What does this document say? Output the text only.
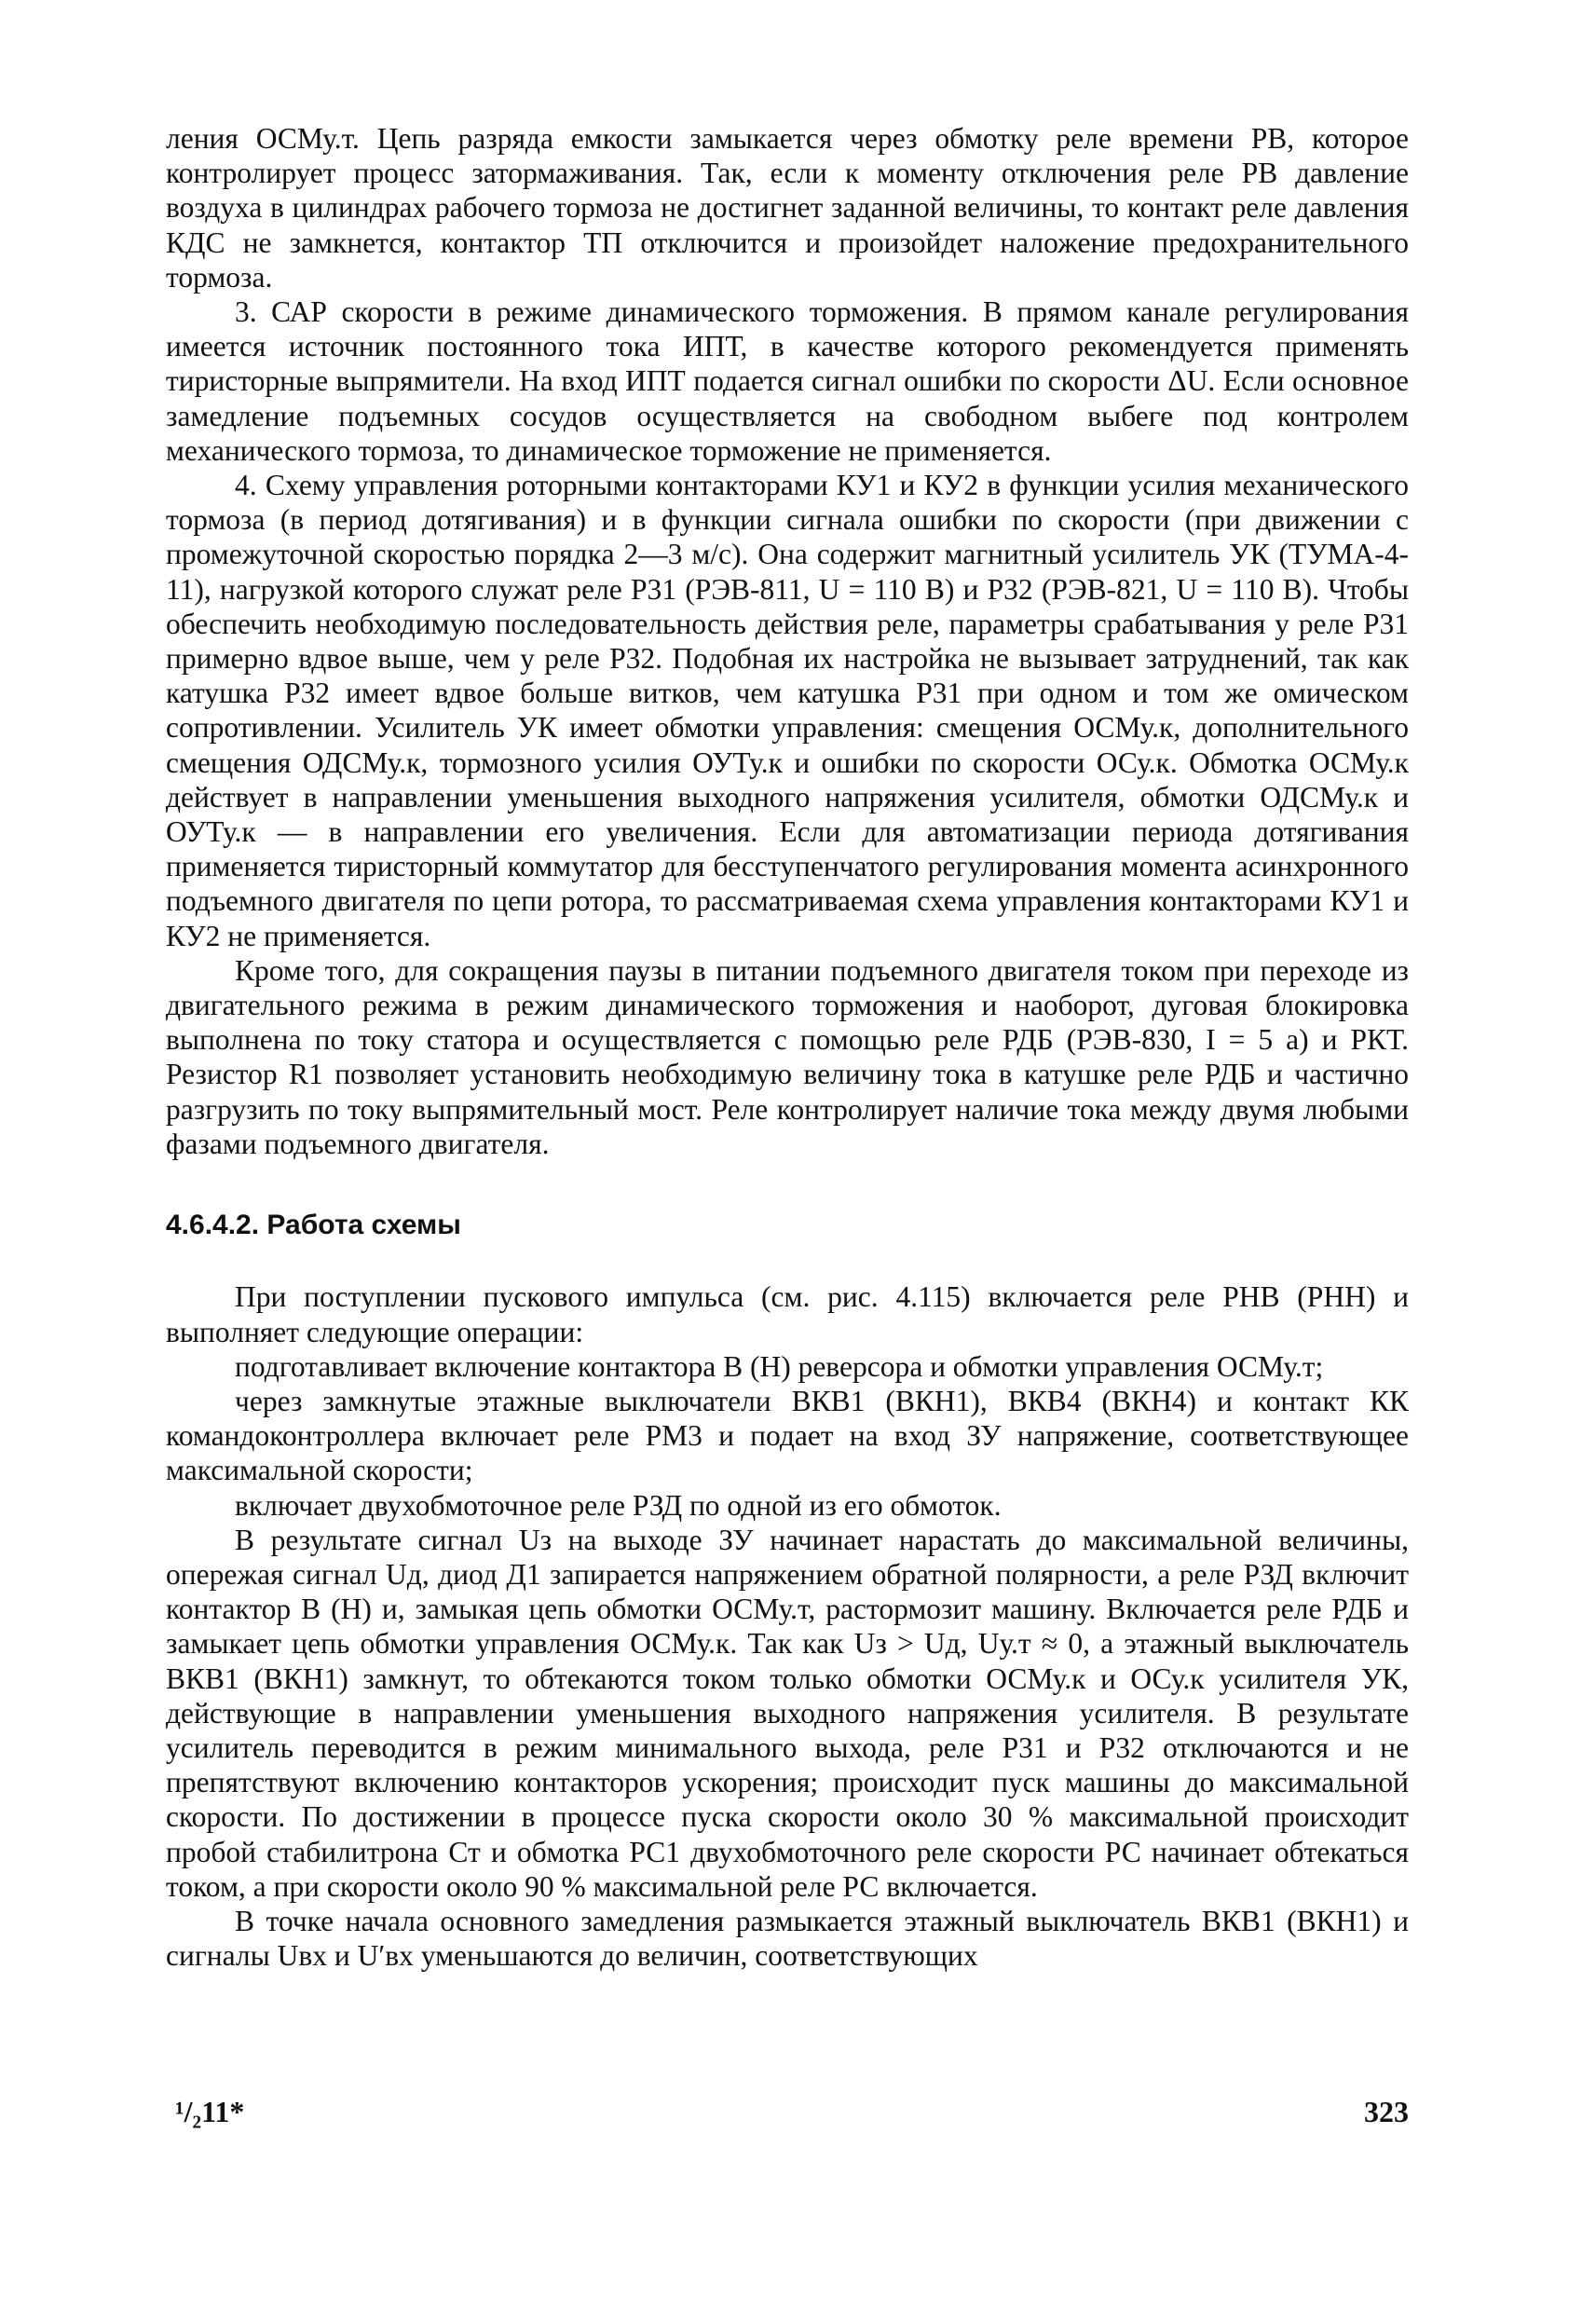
ления ОСМу.т. Цепь разряда емкости замыкается через обмотку реле времени РВ, которое контролирует процесс затормаживания. Так, если к моменту отключения реле РВ давление воздуха в цилиндрах рабочего тормоза не достигнет заданной величины, то контакт реле давления КДС не замкнется, контактор ТП отключится и произойдет наложение предохранительного тормоза.

3. САР скорости в режиме динамического торможения. В прямом канале регулирования имеется источник постоянного тока ИПТ, в качестве которого рекомендуется применять тиристорные выпрямители. На вход ИПТ подается сигнал ошибки по скорости ΔU. Если основное замедление подъемных сосудов осуществляется на свободном выбеге под контролем механического тормоза, то динамическое торможение не применяется.

4. Схему управления роторными контакторами КУ1 и КУ2 в функции усилия механического тормоза (в период дотягивания) и в функции сигнала ошибки по скорости (при движении с промежуточной скоростью порядка 2—3 м/с). Она содержит магнитный усилитель УК (ТУМА-4-11), нагрузкой которого служат реле Р31 (РЭВ-811, U = 110 В) и Р32 (РЭВ-821, U = 110 В). Чтобы обеспечить необходимую последовательность действия реле, параметры срабатывания у реле Р31 примерно вдвое выше, чем у реле Р32. Подобная их настройка не вызывает затруднений, так как катушка Р32 имеет вдвое больше витков, чем катушка Р31 при одном и том же омическом сопротивлении. Усилитель УК имеет обмотки управления: смещения ОСМу.к, дополнительного смещения ОДСМу.к, тормозного усилия ОУТу.к и ошибки по скорости ОСу.к. Обмотка ОСМу.к действует в направлении уменьшения выходного напряжения усилителя, обмотки ОДСМу.к и ОУТу.к — в направлении его увеличения. Если для автоматизации периода дотягивания применяется тиристорный коммутатор для бесступенчатого регулирования момента асинхронного подъемного двигателя по цепи ротора, то рассматриваемая схема управления контакторами КУ1 и КУ2 не применяется.

Кроме того, для сокращения паузы в питании подъемного двигателя током при переходе из двигательного режима в режим динамического торможения и наоборот, дуговая блокировка выполнена по току статора и осуществляется с помощью реле РДБ (РЭВ-830, I = 5 а) и РКТ. Резистор R1 позволяет установить необходимую величину тока в катушке реле РДБ и частично разгрузить по току выпрямительный мост. Реле контролирует наличие тока между двумя любыми фазами подъемного двигателя.

4.6.4.2. Работа схемы

При поступлении пускового импульса (см. рис. 4.115) включается реле РНВ (РНН) и выполняет следующие операции:

подготавливает включение контактора В (Н) реверсора и обмотки управления ОСМу.т;

через замкнутые этажные выключатели ВКВ1 (ВКН1), ВКВ4 (ВКН4) и контакт КК командоконтроллера включает реле РМ3 и подает на вход ЗУ напряжение, соответствующее максимальной скорости;

включает двухобмоточное реле РЗД по одной из его обмоток.

В результате сигнал Uз на выходе ЗУ начинает нарастать до максимальной величины, опережая сигнал Uд, диод Д1 запирается напряжением обратной полярности, а реле РЗД включит контактор В (Н) и, замыкая цепь обмотки ОСМу.т, растормозит машину. Включается реле РДБ и замыкает цепь обмотки управления ОСМу.к. Так как Uз > Uд, Uу.т ≈ 0, а этажный выключатель ВКВ1 (ВКН1) замкнут, то обтекаются током только обмотки ОСМу.к и ОСу.к усилителя УК, действующие в направлении уменьшения выходного напряжения усилителя. В результате усилитель переводится в режим минимального выхода, реле Р31 и Р32 отключаются и не препятствуют включению контакторов ускорения; происходит пуск машины до максимальной скорости. По достижении в процессе пуска скорости около 30 % максимальной происходит пробой стабилитрона Ст и обмотка РС1 двухобмоточного реле скорости РС начинает обтекаться током, а при скорости около 90 % максимальной реле РС включается.

В точке начала основного замедления размыкается этажный выключатель ВКВ1 (ВКН1) и сигналы Uвх и U′вх уменьшаются до величин, соответствующих

¹/₂11*	323
